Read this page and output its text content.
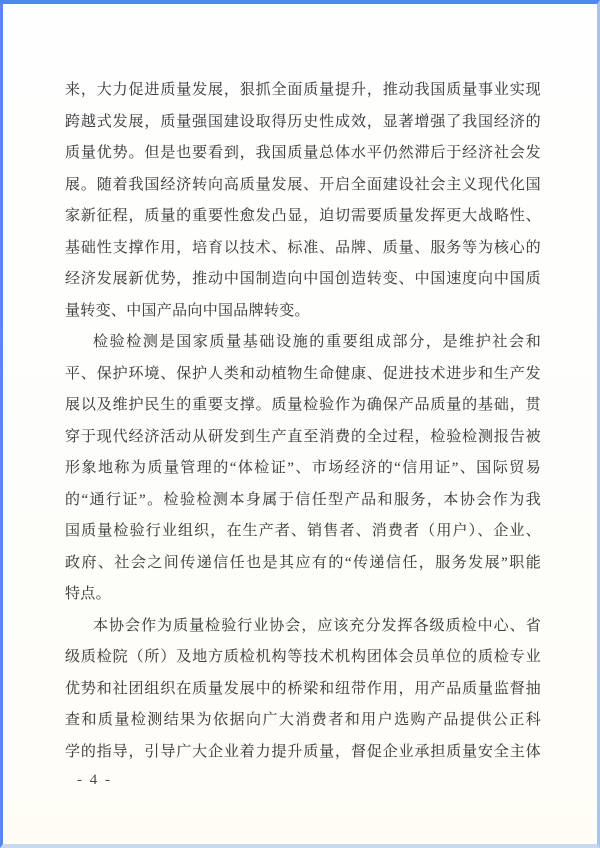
来，大力促进质量发展，狠抓全面质量提升，推动我国质量事业实现
跨越式发展，质量强国建设取得历史性成效，显著增强了我国经济的
质量优势。但是也要看到，我国质量总体水平仍然滞后于经济社会发
展。随着我国经济转向高质量发展、开启全面建设社会主义现代化国
家新征程，质量的重要性愈发凸显，迫切需要质量发挥更大战略性、
基础性支撑作用，培育以技术、标准、品牌、质量、服务等为核心的
经济发展新优势，推动中国制造向中国创造转变、中国速度向中国质
量转变、中国产品向中国品牌转变。
检验检测是国家质量基础设施的重要组成部分，是维护社会和
平、保护环境、保护人类和动植物生命健康、促进技术进步和生产发
展以及维护民生的重要支撑。质量检验作为确保产品质量的基础，贯
穿于现代经济活动从研发到生产直至消费的全过程，检验检测报告被
形象地称为质量管理的“体检证”、市场经济的“信用证”、国际贸易
的“通行证”。检验检测本身属于信任型产品和服务，本协会作为我
国质量检验行业组织，在生产者、销售者、消费者（用户）、企业、
政府、社会之间传递信任也是其应有的“传递信任，服务发展”职能
特点。
本协会作为质量检验行业协会，应该充分发挥各级质检中心、省
级质检院（所）及地方质检机构等技术机构团体会员单位的质检专业
优势和社团组织在质量发展中的桥梁和纽带作用，用产品质量监督抽
查和质量检测结果为依据向广大消费者和用户选购产品提供公正科
学的指导，引导广大企业着力提升质量，督促企业承担质量安全主体
- 4 -
